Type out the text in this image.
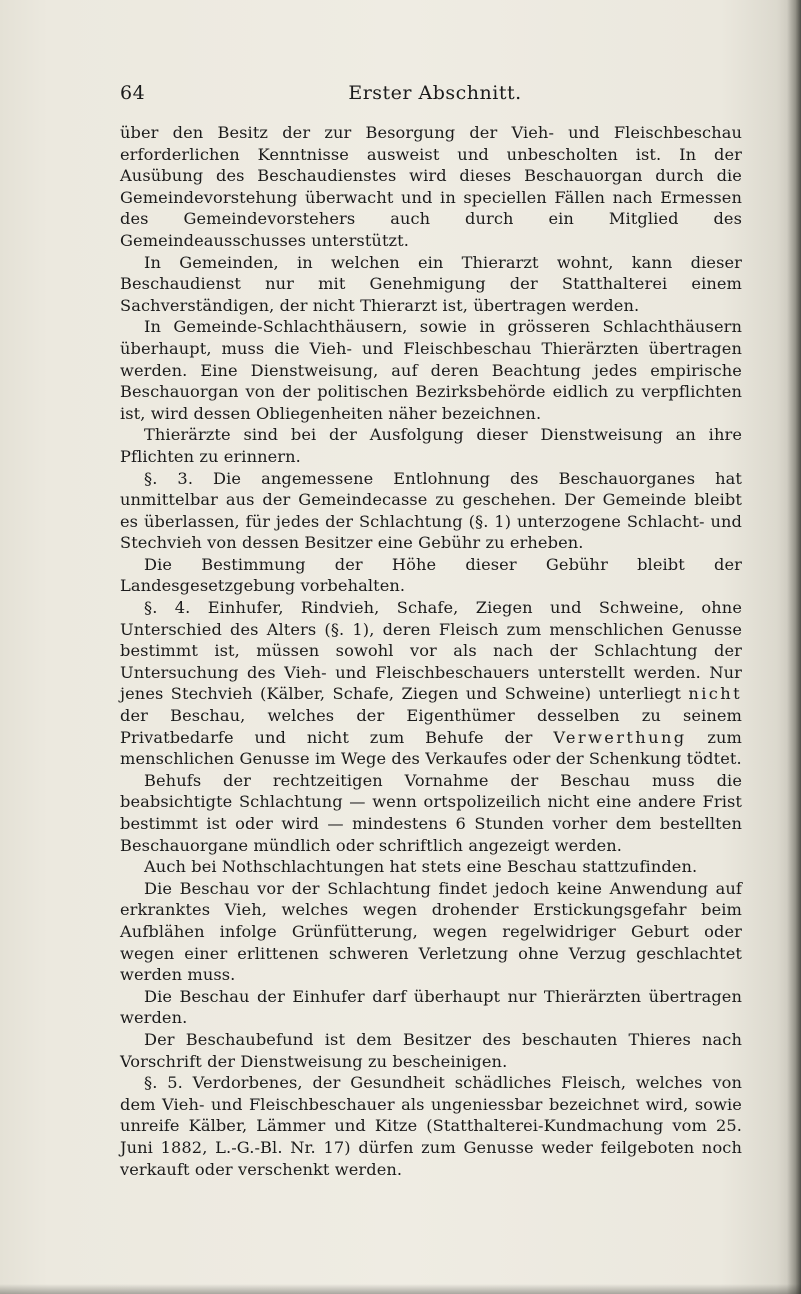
64	Erster Abschnitt.

über den Besitz der zur Besorgung der Vieh- und Fleischbeschau erforderlichen Kenntnisse ausweist und unbescholten ist. In der Ausübung des Beschaudienstes wird dieses Beschauorgan durch die Gemeindevorstehung überwacht und in speciellen Fällen nach Ermessen des Gemeindevorstehers auch durch ein Mitglied des Gemeindeausschusses unterstützt.

In Gemeinden, in welchen ein Thierarzt wohnt, kann dieser Beschaudienst nur mit Genehmigung der Statthalterei einem Sachverständigen, der nicht Thierarzt ist, übertragen werden.

In Gemeinde-Schlachthäusern, sowie in grösseren Schlachthäusern überhaupt, muss die Vieh- und Fleischbeschau Thierärzten übertragen werden. Eine Dienstweisung, auf deren Beachtung jedes empirische Beschauorgan von der politischen Bezirksbehörde eidlich zu verpflichten ist, wird dessen Obliegenheiten näher bezeichnen.

Thierärzte sind bei der Ausfolgung dieser Dienstweisung an ihre Pflichten zu erinnern.

§. 3. Die angemessene Entlohnung des Beschauorganes hat unmittelbar aus der Gemeindecasse zu geschehen. Der Gemeinde bleibt es überlassen, für jedes der Schlachtung (§. 1) unterzogene Schlacht- und Stechvieh von dessen Besitzer eine Gebühr zu erheben.

Die Bestimmung der Höhe dieser Gebühr bleibt der Landesgesetzgebung vorbehalten.

§. 4. Einhufer, Rindvieh, Schafe, Ziegen und Schweine, ohne Unterschied des Alters (§. 1), deren Fleisch zum menschlichen Genusse bestimmt ist, müssen sowohl vor als nach der Schlachtung der Untersuchung des Vieh- und Fleischbeschauers unterstellt werden. Nur jenes Stechvieh (Kälber, Schafe, Ziegen und Schweine) unterliegt nicht der Beschau, welches der Eigenthümer desselben zu seinem Privatbedarfe und nicht zum Behufe der Verwerthung zum menschlichen Genusse im Wege des Verkaufes oder der Schenkung tödtet.

Behufs der rechtzeitigen Vornahme der Beschau muss die beabsichtigte Schlachtung — wenn ortspolizeilich nicht eine andere Frist bestimmt ist oder wird — mindestens 6 Stunden vorher dem bestellten Beschauorgane mündlich oder schriftlich angezeigt werden.

Auch bei Nothschlachtungen hat stets eine Beschau stattzufinden.

Die Beschau vor der Schlachtung findet jedoch keine Anwendung auf erkranktes Vieh, welches wegen drohender Erstickungsgefahr beim Aufblähen infolge Grünfütterung, wegen regelwidriger Geburt oder wegen einer erlittenen schweren Verletzung ohne Verzug geschlachtet werden muss.

Die Beschau der Einhufer darf überhaupt nur Thierärzten übertragen werden.

Der Beschaubefund ist dem Besitzer des beschauten Thieres nach Vorschrift der Dienstweisung zu bescheinigen.

§. 5. Verdorbenes, der Gesundheit schädliches Fleisch, welches von dem Vieh- und Fleischbeschauer als ungeniessbar bezeichnet wird, sowie unreife Kälber, Lämmer und Kitze (Statthalterei-Kundmachung vom 25. Juni 1882, L.-G.-Bl. Nr. 17) dürfen zum Genusse weder feilgeboten noch verkauft oder verschenkt werden.
